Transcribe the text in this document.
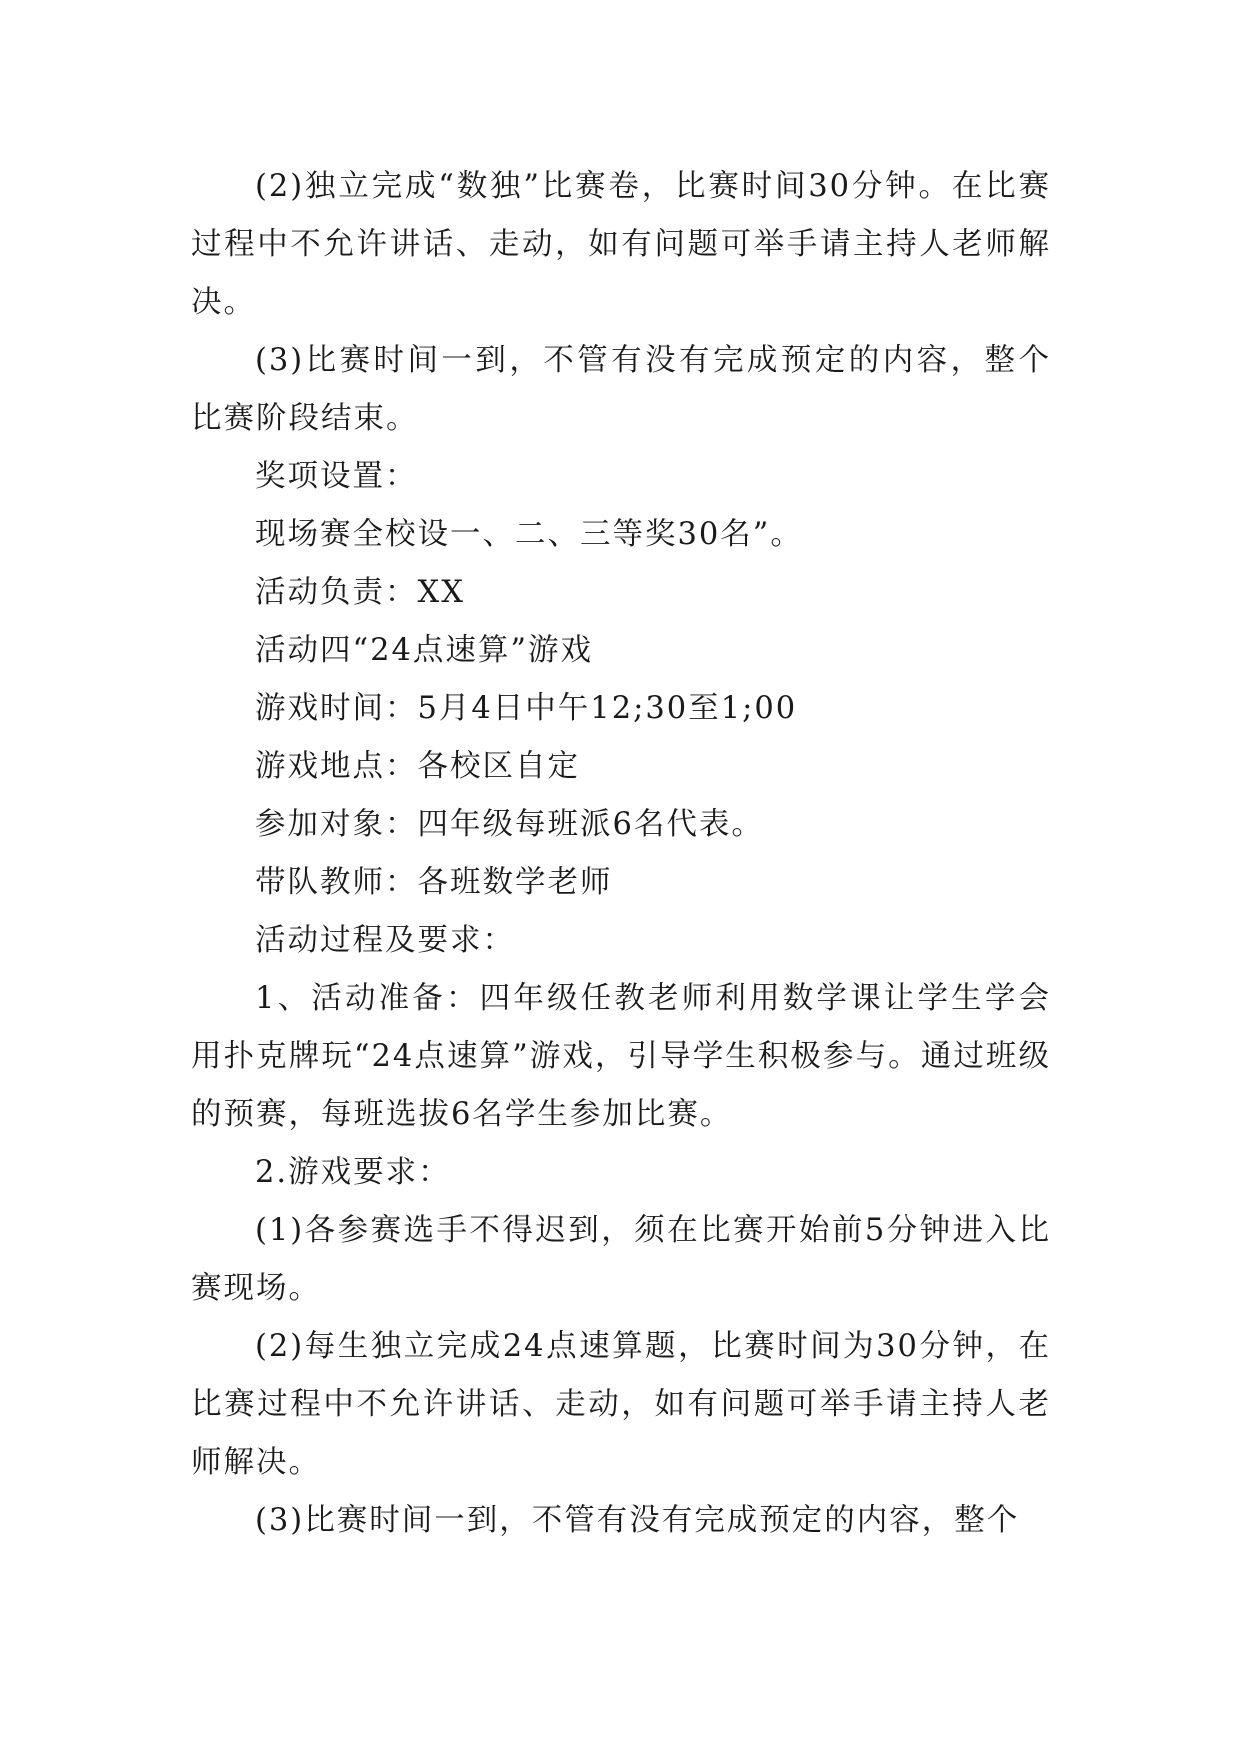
(2)独立完成“数独”比赛卷，比赛时间30分钟。在比赛过程中不允许讲话、走动，如有问题可举手请主持人老师解决。

(3)比赛时间一到，不管有没有完成预定的内容，整个比赛阶段结束。

奖项设置：

现场赛全校设一、二、三等奖30名”。

活动负责：XX

活动四“24点速算”游戏

游戏时间：5月4日中午12;30至1;00

游戏地点：各校区自定

参加对象：四年级每班派6名代表。

带队教师：各班数学老师

活动过程及要求：

1、活动准备：四年级任教老师利用数学课让学生学会用扑克牌玩“24点速算”游戏，引导学生积极参与。通过班级的预赛，每班选拔6名学生参加比赛。

2.游戏要求：

(1)各参赛选手不得迟到，须在比赛开始前5分钟进入比赛现场。

(2)每生独立完成24点速算题，比赛时间为30分钟，在比赛过程中不允许讲话、走动，如有问题可举手请主持人老师解决。

(3)比赛时间一到，不管有没有完成预定的内容，整个
